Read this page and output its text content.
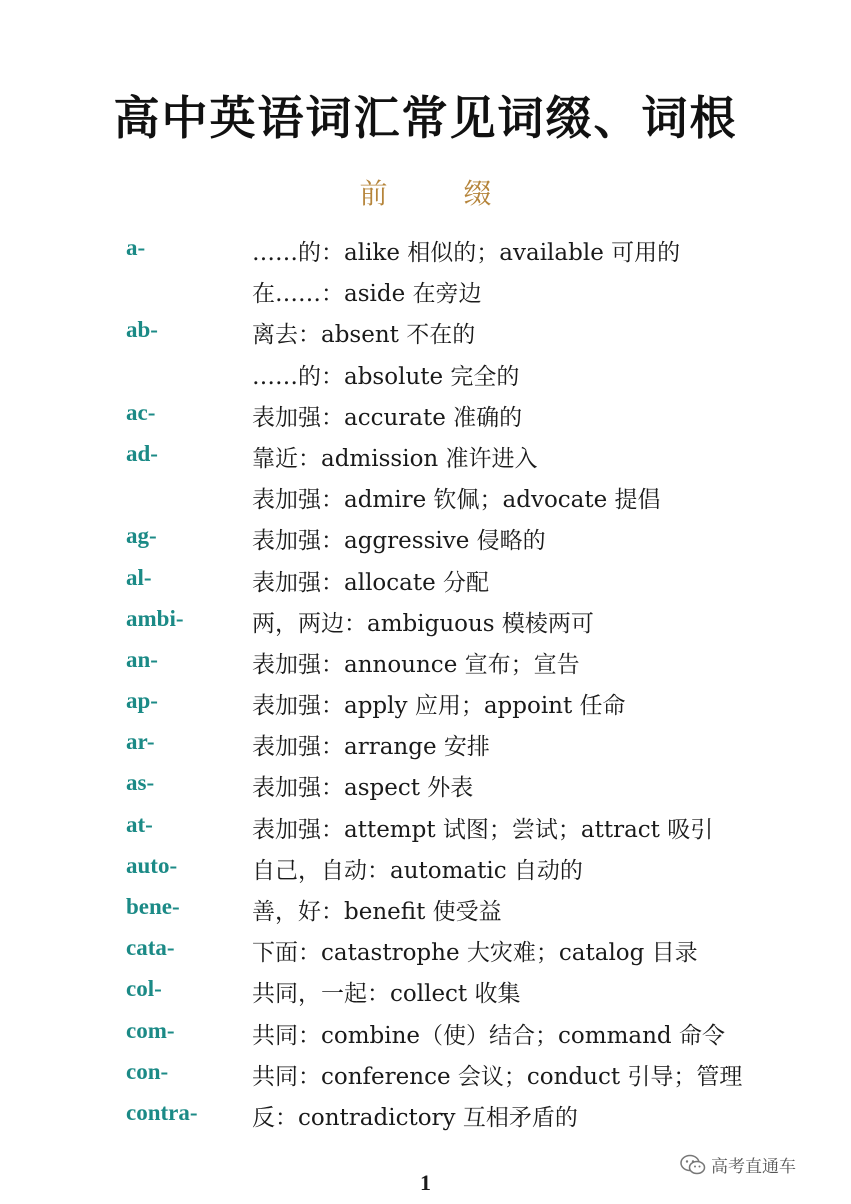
高中英语词汇常见词缀、词根
前　缀
a-	……的：alike 相似的；available 可用的
在……：aside 在旁边
ab-	离去：absent 不在的
……的：absolute 完全的
ac-	表加强：accurate 准确的
ad-	靠近：admission 准许进入
表加强：admire 钦佩；advocate 提倡
ag-	表加强：aggressive 侵略的
al-	表加强：allocate 分配
ambi-	两，两边：ambiguous 模棱两可
an-	表加强：announce 宣布；宣告
ap-	表加强：apply 应用；appoint 任命
ar-	表加强：arrange 安排
as-	表加强：aspect 外表
at-	表加强：attempt 试图；尝试；attract 吸引
auto-	自己，自动：automatic 自动的
bene-	善，好：benefit 使受益
cata-	下面：catastrophe 大灾难；catalog 目录
col-	共同，一起：collect 收集
com-	共同：combine（使）结合；command 命令
con-	共同：conference 会议；conduct 引导；管理
contra- 反：contradictory 互相矛盾的
1
高考直通车
